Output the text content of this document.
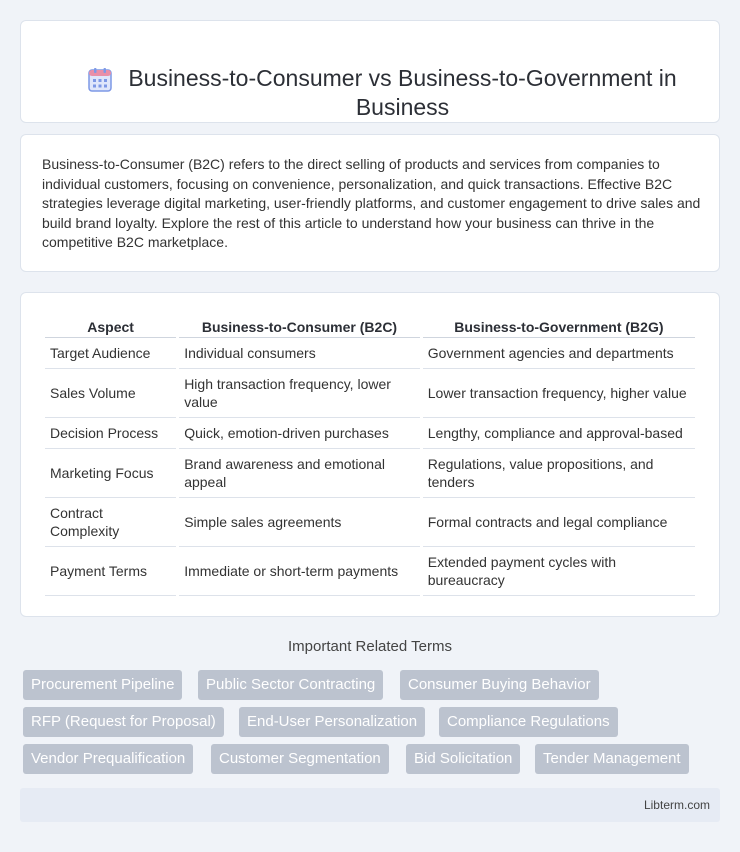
Business-to-Consumer vs Business-to-Government in Business

Business-to-Consumer (B2C) refers to the direct selling of products and services from companies to individual customers, focusing on convenience, personalization, and quick transactions. Effective B2C strategies leverage digital marketing, user-friendly platforms, and customer engagement to drive sales and build brand loyalty. Explore the rest of this article to understand how your business can thrive in the competitive B2C marketplace.

Aspect	Business-to-Consumer (B2C)	Business-to-Government (B2G)
Target Audience	Individual consumers	Government agencies and departments
Sales Volume	High transaction frequency, lower value	Lower transaction frequency, higher value
Decision Process	Quick, emotion-driven purchases	Lengthy, compliance and approval-based
Marketing Focus	Brand awareness and emotional appeal	Regulations, value propositions, and tenders
Contract Complexity	Simple sales agreements	Formal contracts and legal compliance
Payment Terms	Immediate or short-term payments	Extended payment cycles with bureaucracy
Important Related Terms
Procurement Pipeline	Public Sector Contracting	Consumer Buying Behavior
RFP (Request for Proposal)	End-User Personalization	Compliance Regulations
Vendor Prequalification	Customer Segmentation	Bid Solicitation	Tender Management
Libterm.com
